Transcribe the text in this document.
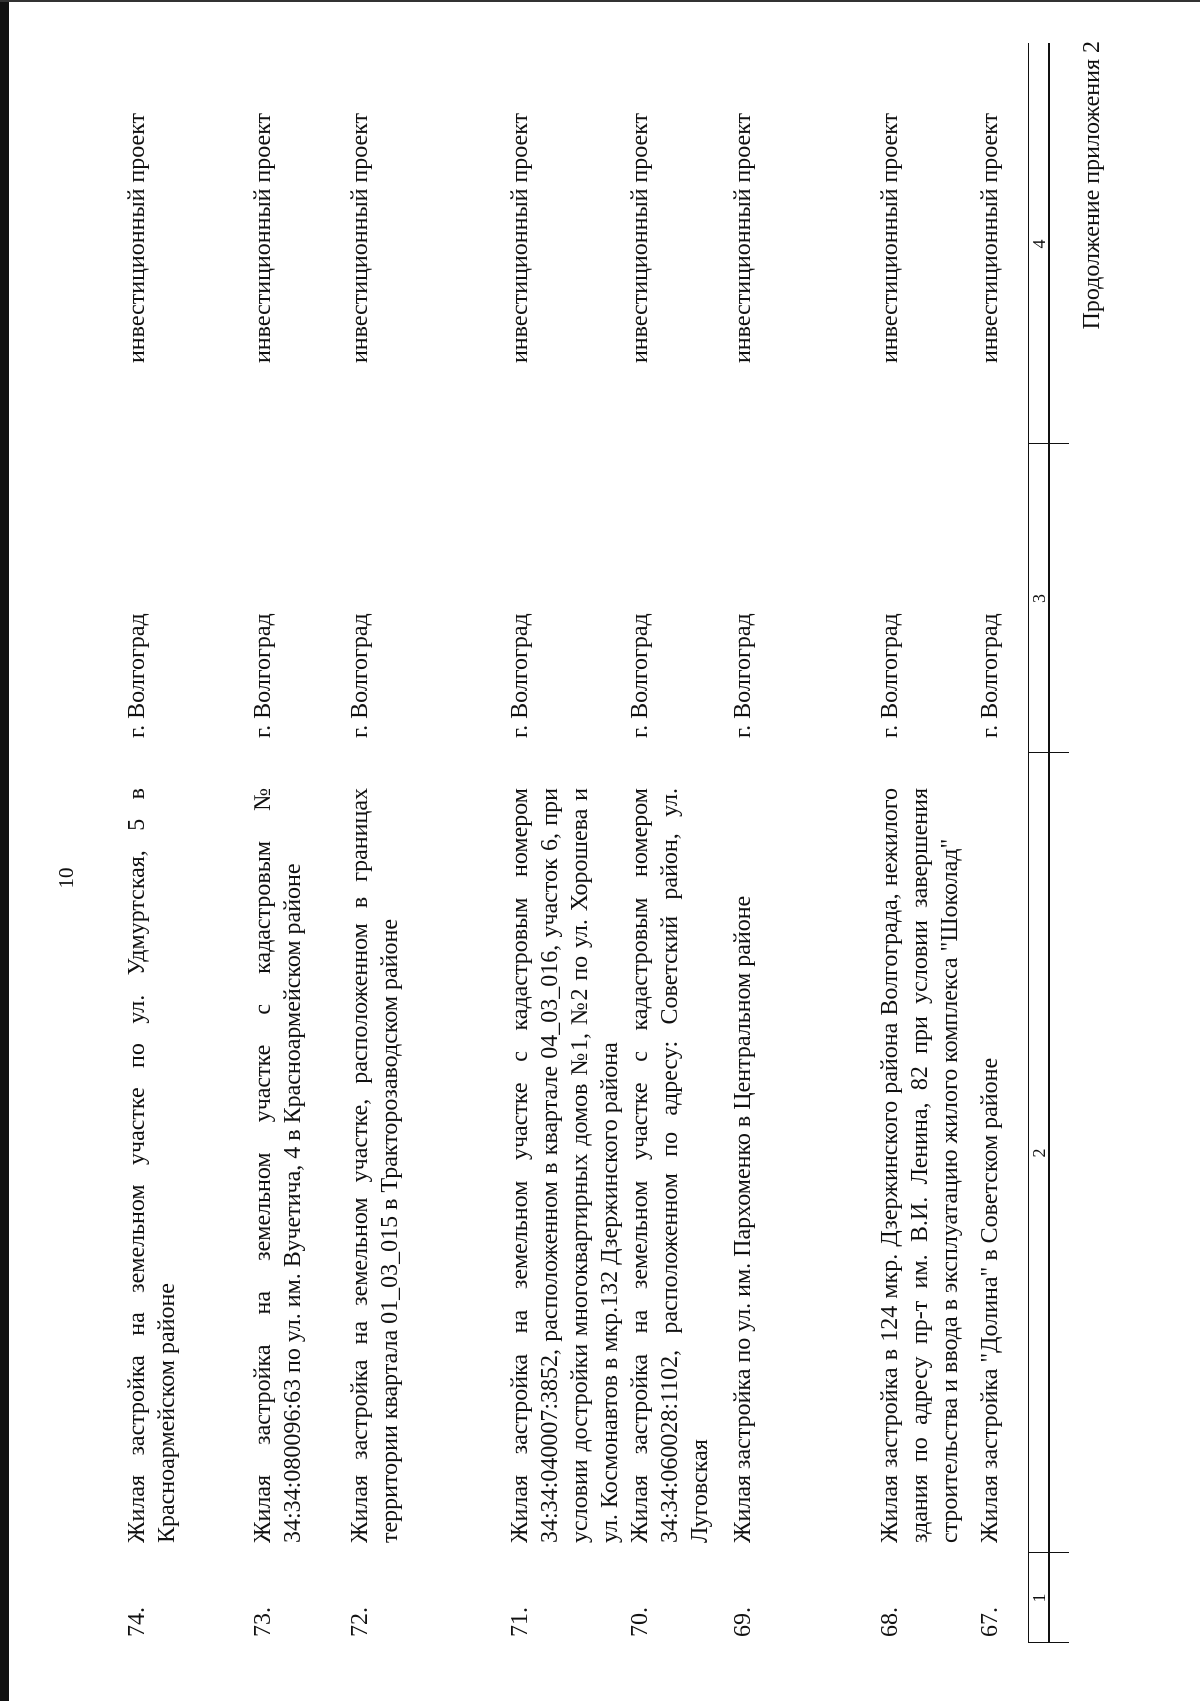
10
Продолжение приложения 2
1
2
3
4
67.
Жилая застройка "Долина" в Советском районе
г. Волгоград
инвестиционный проект
68.
Жилая застройка в 124 мкр. Дзержинского района Волгограда, нежилого здания по адресу пр-т им. В.И. Ленина, 82 при условии завершения строительства и ввода в эксплуатацию жилого комплекса "Шоколад"
г. Волгоград
инвестиционный проект
69.
Жилая застройка по ул. им. Пархоменко в Центральном районе
г. Волгоград
инвестиционный проект
70.
Жилая застройка на земельном участке с кадастровым номером 34:34:060028:1102, расположенном по адресу: Советский район, ул. Луговская
г. Волгоград
инвестиционный проект
71.
Жилая застройка на земельном участке с кадастровым номером 34:34:040007:3852, расположенном в квартале 04_03_016, участок 6, при условии достройки многоквартирных домов №1, №2 по ул. Хорошева и ул. Космонавтов в мкр.132 Дзержинского района
г. Волгоград
инвестиционный проект
72.
Жилая застройка на земельном участке, расположенном в границах территории квартала 01_03_015 в Тракторозаводском районе
г. Волгоград
инвестиционный проект
73.
Жилая застройка на земельном участке с кадастровым № 34:34:080096:63 по ул. им. Вучетича, 4 в Красноармейском районе
г. Волгоград
инвестиционный проект
74.
Жилая застройка на земельном участке по ул. Удмуртская, 5 в Красноармейском районе
г. Волгоград
инвестиционный проект
